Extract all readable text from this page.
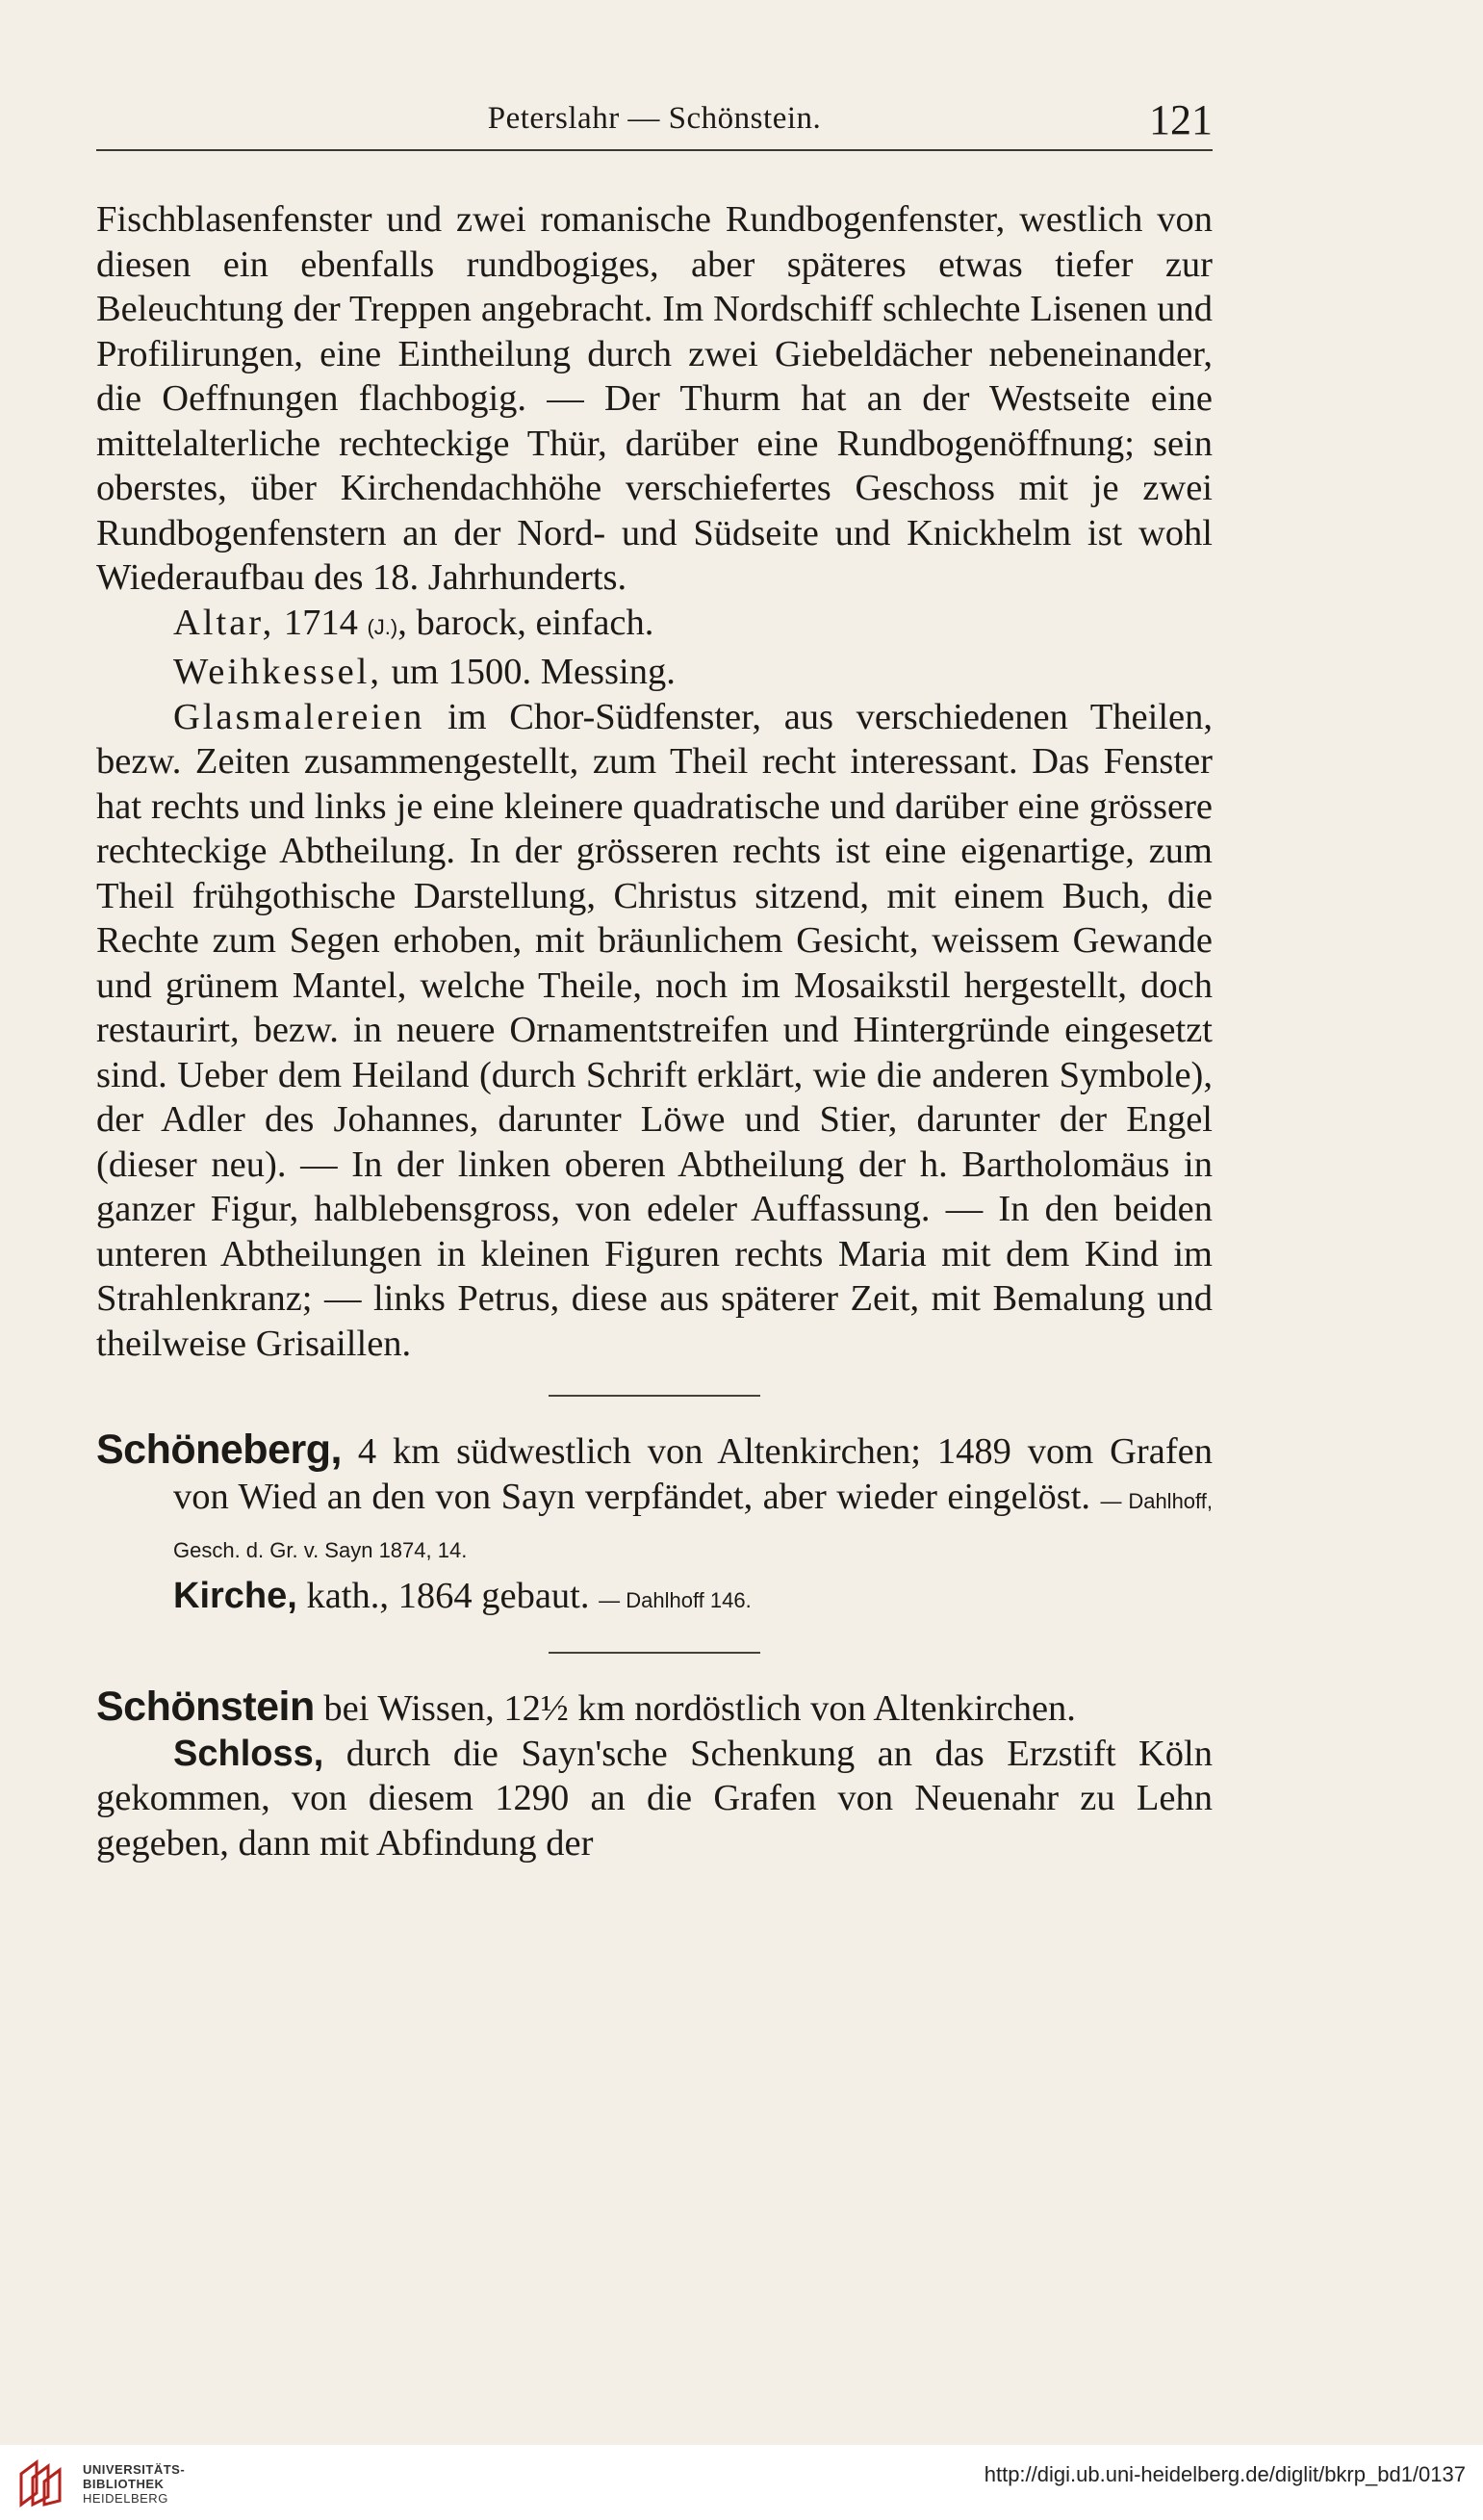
Peterslahr — Schönstein.	121

Fischblasenfenster und zwei romanische Rundbogenfenster, westlich von diesen ein ebenfalls rundbogiges, aber späteres etwas tiefer zur Beleuchtung der Treppen angebracht. Im Nordschiff schlechte Lisenen und Profilirungen, eine Eintheilung durch zwei Giebeldächer nebeneinander, die Oeffnungen flachbogig. — Der Thurm hat an der Westseite eine mittelalterliche rechteckige Thür, darüber eine Rundbogenöffnung; sein oberstes, über Kirchendachhöhe verschiefertes Geschoss mit je zwei Rundbogenfenstern an der Nord- und Südseite und Knickhelm ist wohl Wiederaufbau des 18. Jahrhunderts.

Altar, 1714 (J.), barock, einfach.

Weihkessel, um 1500. Messing.

Glasmalereien im Chor-Südfenster, aus verschiedenen Theilen, bezw. Zeiten zusammengestellt, zum Theil recht interessant. Das Fenster hat rechts und links je eine kleinere quadratische und darüber eine grössere rechteckige Abtheilung. In der grösseren rechts ist eine eigenartige, zum Theil frühgothische Darstellung, Christus sitzend, mit einem Buch, die Rechte zum Segen erhoben, mit bräunlichem Gesicht, weissem Gewande und grünem Mantel, welche Theile, noch im Mosaikstil hergestellt, doch restaurirt, bezw. in neuere Ornamentstreifen und Hintergründe eingesetzt sind. Ueber dem Heiland (durch Schrift erklärt, wie die anderen Symbole), der Adler des Johannes, darunter Löwe und Stier, darunter der Engel (dieser neu). — In der linken oberen Abtheilung der h. Bartholomäus in ganzer Figur, halblebensgross, von edeler Auffassung. — In den beiden unteren Abtheilungen in kleinen Figuren rechts Maria mit dem Kind im Strahlenkranz; — links Petrus, diese aus späterer Zeit, mit Bemalung und theilweise Grisaillen.

Schöneberg, 4 km südwestlich von Altenkirchen; 1489 vom Grafen von Wied an den von Sayn verpfändet, aber wieder eingelöst. — Dahlhoff, Gesch. d. Gr. v. Sayn 1874, 14.

Kirche, kath., 1864 gebaut. — Dahlhoff 146.

Schönstein bei Wissen, 12½ km nordöstlich von Altenkirchen.

Schloss, durch die Sayn'sche Schenkung an das Erzstift Köln gekommen, von diesem 1290 an die Grafen von Neuenahr zu Lehn gegeben, dann mit Abfindung der

UNIVERSITÄTS-
BIBLIOTHEK
HEIDELBERG
http://digi.ub.uni-heidelberg.de/diglit/bkrp_bd1/0137
